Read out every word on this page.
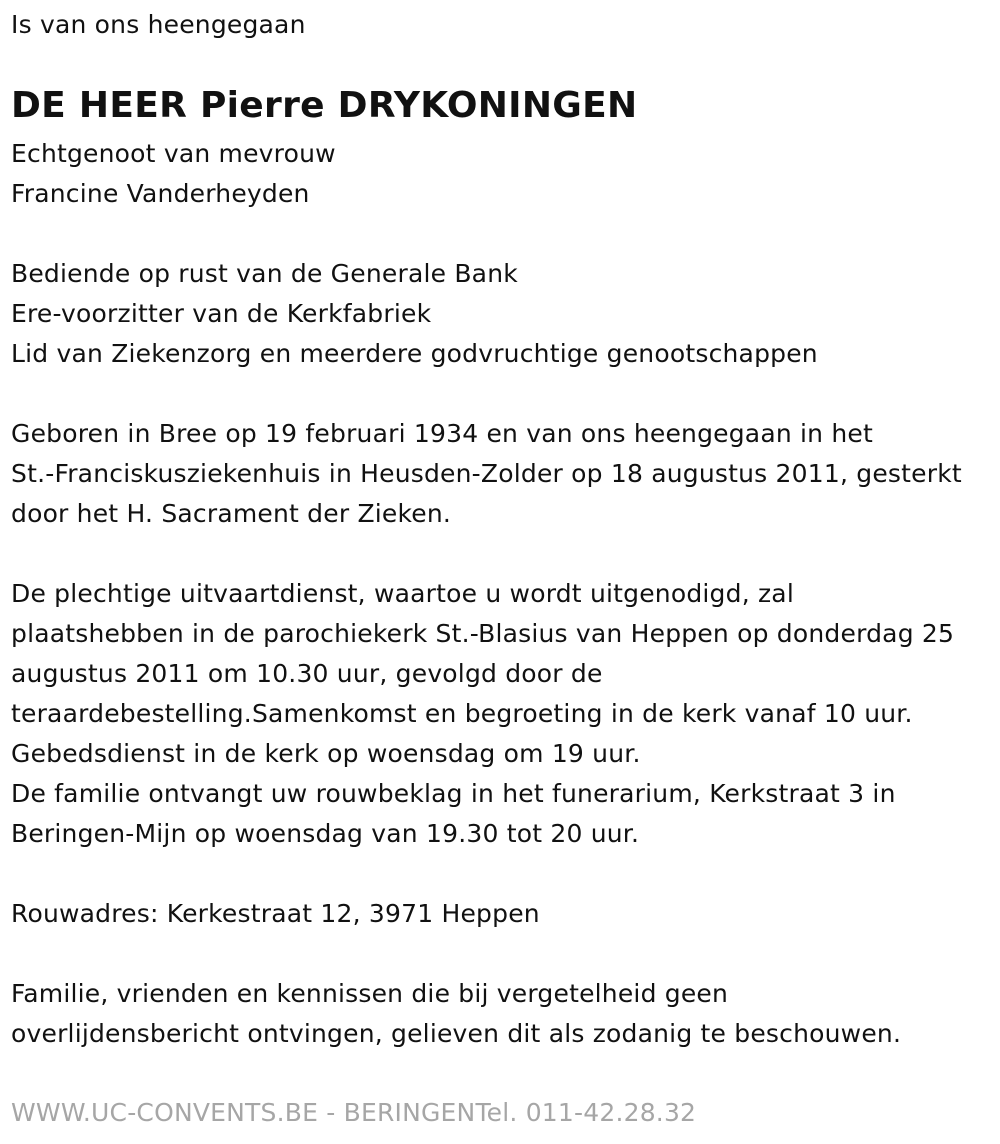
Is van ons heengegaan
DE HEER Pierre DRYKONINGEN
Echtgenoot van mevrouw
Francine Vanderheyden
Bediende op rust van de Generale Bank
Ere-voorzitter van de Kerkfabriek
Lid van Ziekenzorg en meerdere godvruchtige genootschappen
Geboren in Bree op 19 februari 1934 en van ons heengegaan in het
St.-Franciskusziekenhuis in Heusden-Zolder op 18 augustus 2011, gesterkt
door het H. Sacrament der Zieken.
De plechtige uitvaartdienst, waartoe u wordt uitgenodigd, zal
plaatshebben in de parochiekerk St.-Blasius van Heppen op donderdag 25
augustus 2011 om 10.30 uur, gevolgd door de
teraardebestelling.Samenkomst en begroeting in de kerk vanaf 10 uur.
Gebedsdienst in de kerk op woensdag om 19 uur.
De familie ontvangt uw rouwbeklag in het funerarium, Kerkstraat 3 in
Beringen-Mijn op woensdag van 19.30 tot 20 uur.
Rouwadres: Kerkestraat 12, 3971 Heppen
Familie, vrienden en kennissen die bij vergetelheid geen
overlijdensbericht ontvingen, gelieven dit als zodanig te beschouwen.
WWW.UC-CONVENTS.BE - BERINGENTel. 011-42.28.32
